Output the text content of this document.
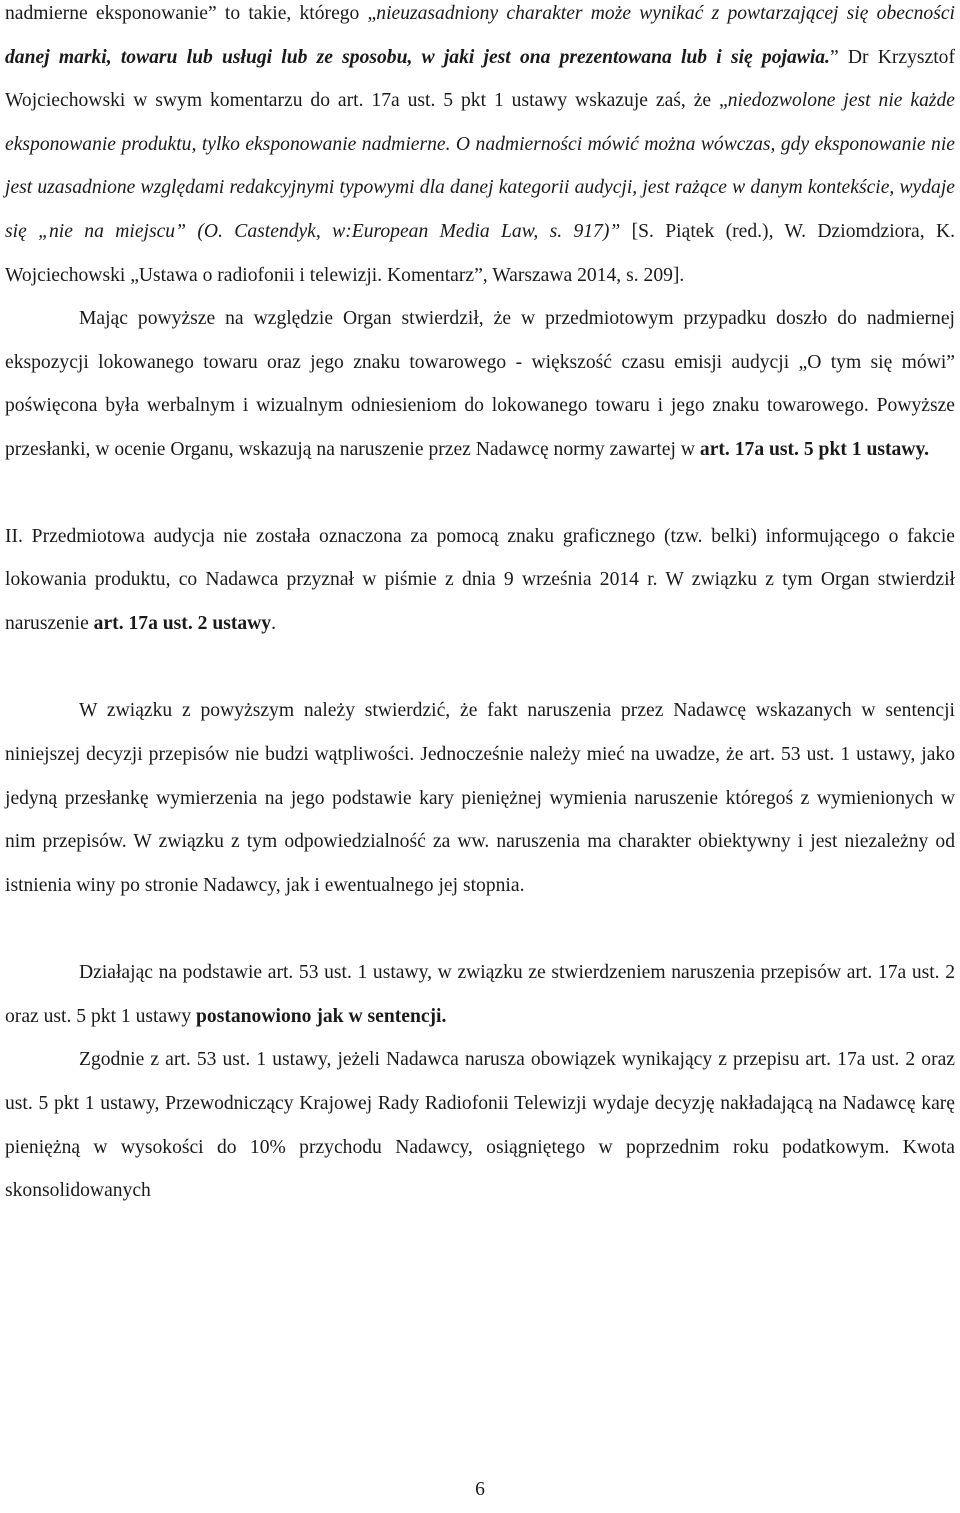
nadmierne eksponowanie” to takie, którego „nieuzasadniony charakter może wynikać z powtarzającej się obecności danej marki, towaru lub usługi lub ze sposobu, w jaki jest ona prezentowana lub i się pojawia.” Dr Krzysztof Wojciechowski w swym komentarzu do art. 17a ust. 5 pkt 1 ustawy wskazuje zaś, że „niedozwolone jest nie każde eksponowanie produktu, tylko eksponowanie nadmierne. O nadmierności mówić można wówczas, gdy eksponowanie nie jest uzasadnione względami redakcyjnymi typowymi dla danej kategorii audycji, jest rażące w danym kontekście, wydaje się „nie na miejscu” (O. Castendyk, w:European Media Law, s. 917)” [S. Piątek (red.), W. Dziomdziora, K. Wojciechowski „Ustawa o radiofonii i telewizji. Komentarz”, Warszawa 2014, s. 209].

Mając powyższe na względzie Organ stwierdził, że w przedmiotowym przypadku doszło do nadmiernej ekspozycji lokowanego towaru oraz jego znaku towarowego - większość czasu emisji audycji „O tym się mówi” poświęcona była werbalnym i wizualnym odniesieniom do lokowanego towaru i jego znaku towarowego. Powyższe przesłanki, w ocenie Organu, wskazują na naruszenie przez Nadawcę normy zawartej w art. 17a ust. 5 pkt 1 ustawy.

II. Przedmiotowa audycja nie została oznaczona za pomocą znaku graficznego (tzw. belki) informującego o fakcie lokowania produktu, co Nadawca przyznał w piśmie z dnia 9 września 2014 r. W związku z tym Organ stwierdził naruszenie art. 17a ust. 2 ustawy.

W związku z powyższym należy stwierdzić, że fakt naruszenia przez Nadawcę wskazanych w sentencji niniejszej decyzji przepisów nie budzi wątpliwości. Jednocześnie należy mieć na uwadze, że art. 53 ust. 1 ustawy, jako jedyną przesłankę wymierzenia na jego podstawie kary pieniężnej wymienia naruszenie któregoś z wymienionych w nim przepisów. W związku z tym odpowiedzialność za ww. naruszenia ma charakter obiektywny i jest niezależny od istnienia winy po stronie Nadawcy, jak i ewentualnego jej stopnia.

Działając na podstawie art. 53 ust. 1 ustawy, w związku ze stwierdzeniem naruszenia przepisów art. 17a ust. 2 oraz ust. 5 pkt 1 ustawy postanowiono jak w sentencji.

Zgodnie z art. 53 ust. 1 ustawy, jeżeli Nadawca narusza obowiązek wynikający z przepisu art. 17a ust. 2 oraz ust. 5 pkt 1 ustawy, Przewodniczący Krajowej Rady Radiofonii Telewizji wydaje decyzję nakładającą na Nadawcę karę pieniężną w wysokości do 10% przychodu Nadawcy, osiągniętego w poprzednim roku podatkowym. Kwota skonsolidowanych

6
